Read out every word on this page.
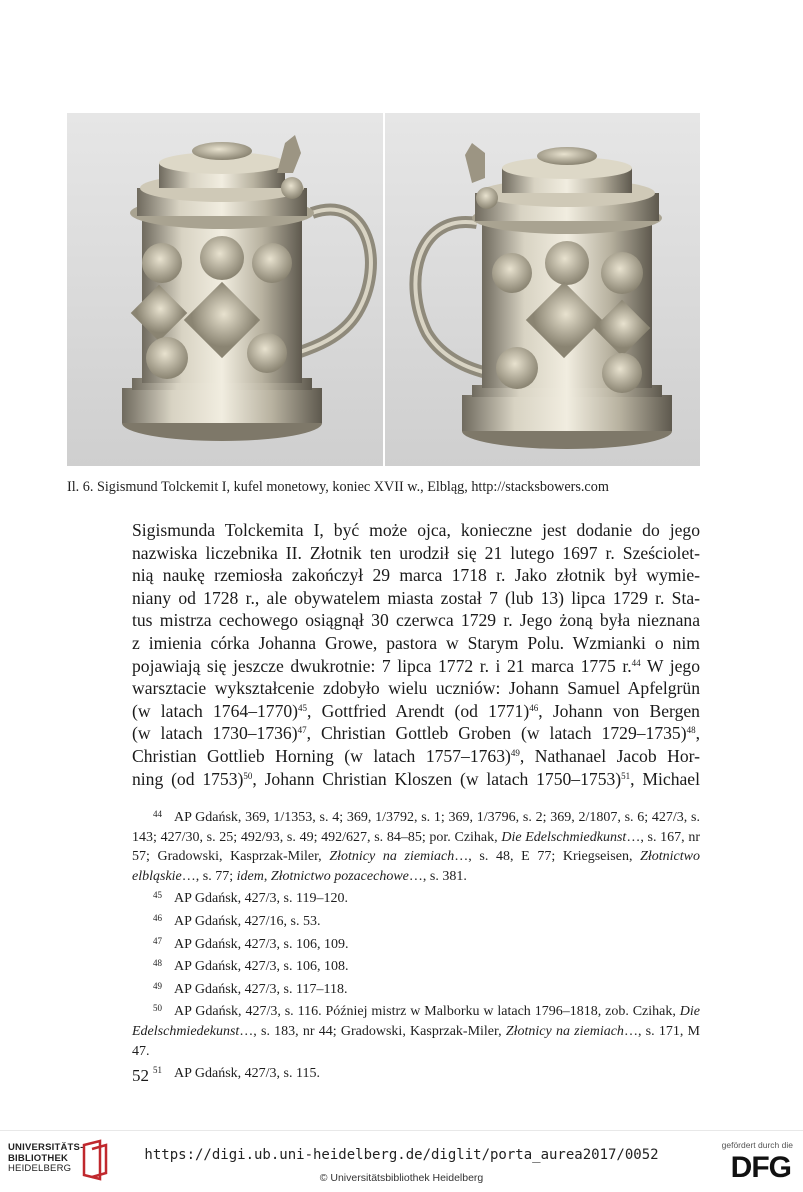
Il. 6. Sigismund Tolckemit I, kufel monetowy, koniec XVII w., Elbląg, http://stacksbowers.com
Sigismunda Tolckemita I, być może ojca, konieczne jest dodanie do jego
nazwiska liczebnika II. Złotnik ten urodził się 21 lutego 1697 r. Sześciolet-
nią naukę rzemiosła zakończył 29 marca 1718 r. Jako złotnik był wymie-
niany od 1728 r., ale obywatelem miasta został 7 (lub 13) lipca 1729 r. Sta-
tus mistrza cechowego osiągnął 30 czerwca 1729 r. Jego żoną była nieznana
z imienia córka Johanna Growe, pastora w Starym Polu. Wzmianki o nim
pojawiają się jeszcze dwukrotnie: 7 lipca 1772 r. i 21 marca 1775 r.$^{44}$ W jego
warsztacie wykształcenie zdobyło wielu uczniów: Johann Samuel Apfelgrün
(w latach 1764–1770)$^{45}$, Gottfried Arendt (od 1771)$^{46}$, Johann von Bergen
(w latach 1730–1736)$^{47}$, Christian Gottleb Groben (w latach 1729–1735)$^{48}$,
Christian Gottlieb Horning (w latach 1757–1763)$^{49}$, Nathanael Jacob Hor-
ning (od 1753)$^{50}$, Johann Christian Kloszen (w latach 1750–1753)$^{51}$, Michael

44 AP Gdańsk, 369, 1/1353, s. 4; 369, 1/3792, s. 1; 369, 1/3796, s. 2; 369, 2/1807, s. 6; 427/3, s. 143; 427/30, s. 25; 492/93, s. 49; 492/627, s. 84–85; por. Czihak, Die Edelschmiedkunst…, s. 167, nr 57; Gradowski, Kasprzak-Miler, Złotnicy na ziemiach…, s. 48, E 77; Kriegseisen, Złotnictwo elbląskie…, s. 77; idem, Złotnictwo pozacechowe…, s. 381.

45 AP Gdańsk, 427/3, s. 119–120.

46 AP Gdańsk, 427/16, s. 53.

47 AP Gdańsk, 427/3, s. 106, 109.

48 AP Gdańsk, 427/3, s. 106, 108.

49 AP Gdańsk, 427/3, s. 117–118.

50 AP Gdańsk, 427/3, s. 116. Później mistrz w Malborku w latach 1796–1818, zob. Czihak, Die Edelschmiedekunst…, s. 183, nr 44; Gradowski, Kasprzak-Miler, Złotnicy na ziemiach…, s. 171, M 47.

51 AP Gdańsk, 427/3, s. 115.

52
UNIVERSITÄTS-
BIBLIOTHEK
HEIDELBERG
https://digi.ub.uni-heidelberg.de/diglit/porta_aurea2017/0052
© Universitätsbibliothek Heidelberg
gefördert durch die
DFG
